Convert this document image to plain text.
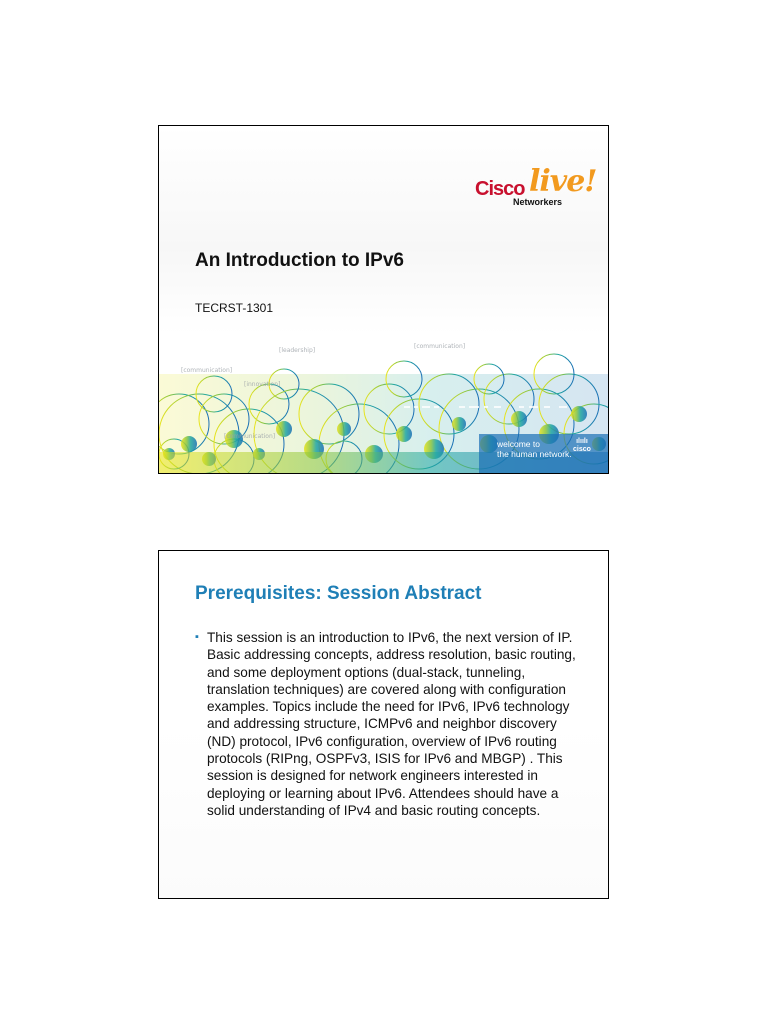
Cisco live!
Networkers
An Introduction to IPv6
TECRST-1301
[communication]
[innovation]
[leadership]
[communication]
[communication]
welcome to
the human network.
ılıılı
cisco
Prerequisites: Session Abstract
▪ This session is an introduction to IPv6, the next version of IP. Basic addressing concepts, address resolution, basic routing, and some deployment options (dual-stack, tunneling, translation techniques) are covered along with configuration examples. Topics include the need for IPv6, IPv6 technology and addressing structure, ICMPv6 and neighbor discovery (ND) protocol, IPv6 configuration, overview of IPv6 routing protocols (RIPng, OSPFv3, ISIS for IPv6 and MBGP) . This session is designed for network engineers interested in deploying or learning about IPv6. Attendees should have a solid understanding of IPv4 and basic routing concepts.
